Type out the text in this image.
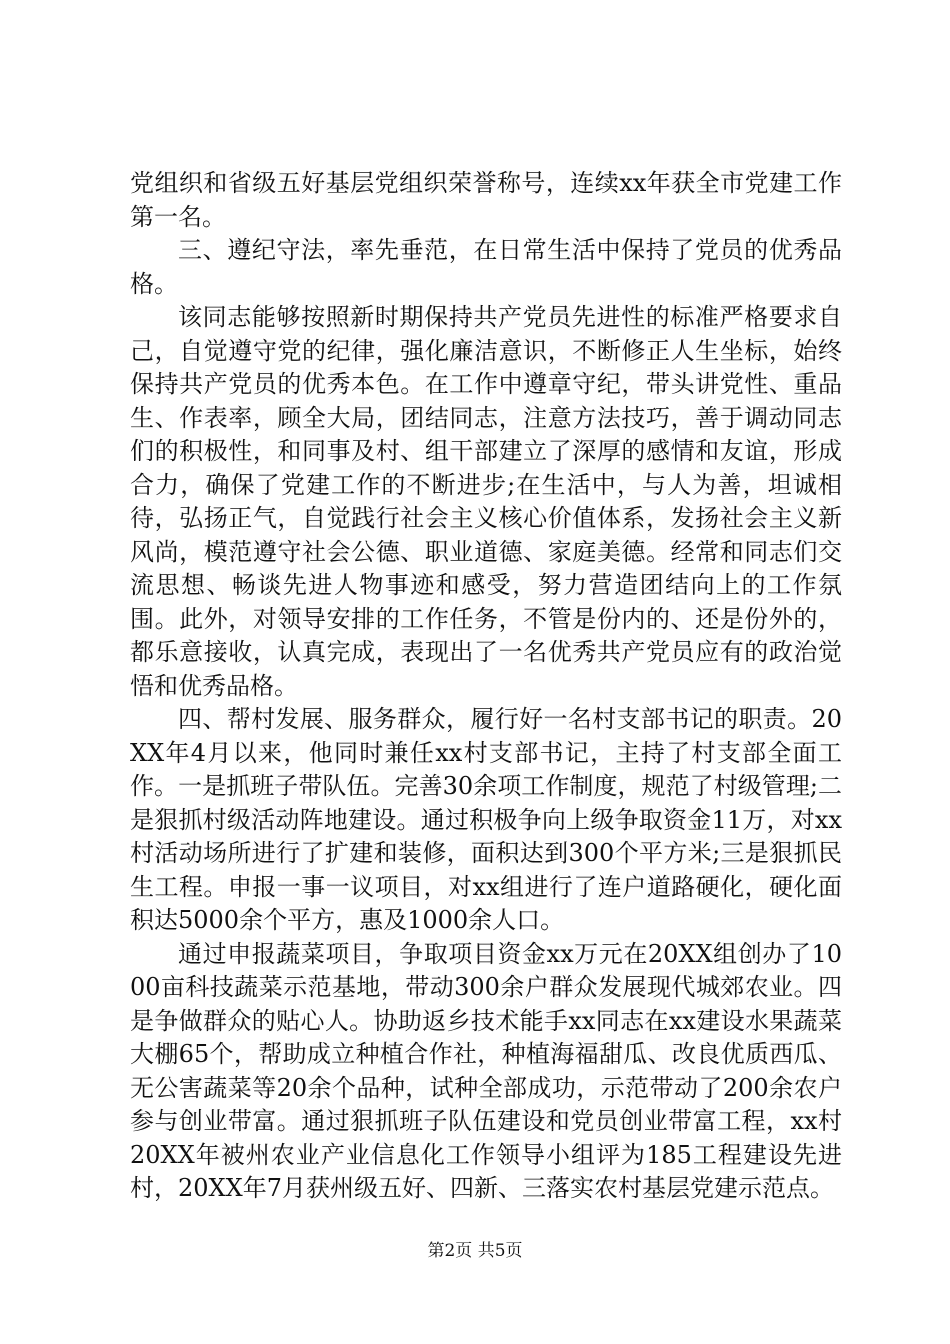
党组织和省级五好基层党组织荣誉称号，连续xx年获全市党建工作第一名。

三、遵纪守法，率先垂范，在日常生活中保持了党员的优秀品格。

该同志能够按照新时期保持共产党员先进性的标准严格要求自己，自觉遵守党的纪律，强化廉洁意识，不断修正人生坐标，始终保持共产党员的优秀本色。在工作中遵章守纪，带头讲党性、重品生、作表率，顾全大局，团结同志，注意方法技巧，善于调动同志们的积极性，和同事及村、组干部建立了深厚的感情和友谊，形成合力，确保了党建工作的不断进步;在生活中，与人为善，坦诚相待，弘扬正气，自觉践行社会主义核心价值体系，发扬社会主义新风尚，模范遵守社会公德、职业道德、家庭美德。经常和同志们交流思想、畅谈先进人物事迹和感受，努力营造团结向上的工作氛围。此外，对领导安排的工作任务，不管是份内的、还是份外的，都乐意接收，认真完成，表现出了一名优秀共产党员应有的政治觉悟和优秀品格。

四、帮村发展、服务群众，履行好一名村支部书记的职责。20XX年4月以来，他同时兼任xx村支部书记，主持了村支部全面工作。一是抓班子带队伍。完善30余项工作制度，规范了村级管理;二是狠抓村级活动阵地建设。通过积极争向上级争取资金11万，对xx村活动场所进行了扩建和装修，面积达到300个平方米;三是狠抓民生工程。申报一事一议项目，对xx组进行了连户道路硬化，硬化面积达5000余个平方，惠及1000余人口。

通过申报蔬菜项目，争取项目资金xx万元在20XX组创办了1000亩科技蔬菜示范基地，带动300余户群众发展现代城郊农业。四是争做群众的贴心人。协助返乡技术能手xx同志在xx建设水果蔬菜大棚65个，帮助成立种植合作社，种植海福甜瓜、改良优质西瓜、无公害蔬菜等20余个品种，试种全部成功，示范带动了200余农户参与创业带富。通过狠抓班子队伍建设和党员创业带富工程，xx村20XX年被州农业产业信息化工作领导小组评为185工程建设先进村，20XX年7月获州级五好、四新、三落实农村基层党建示范点。

第2页 共5页
